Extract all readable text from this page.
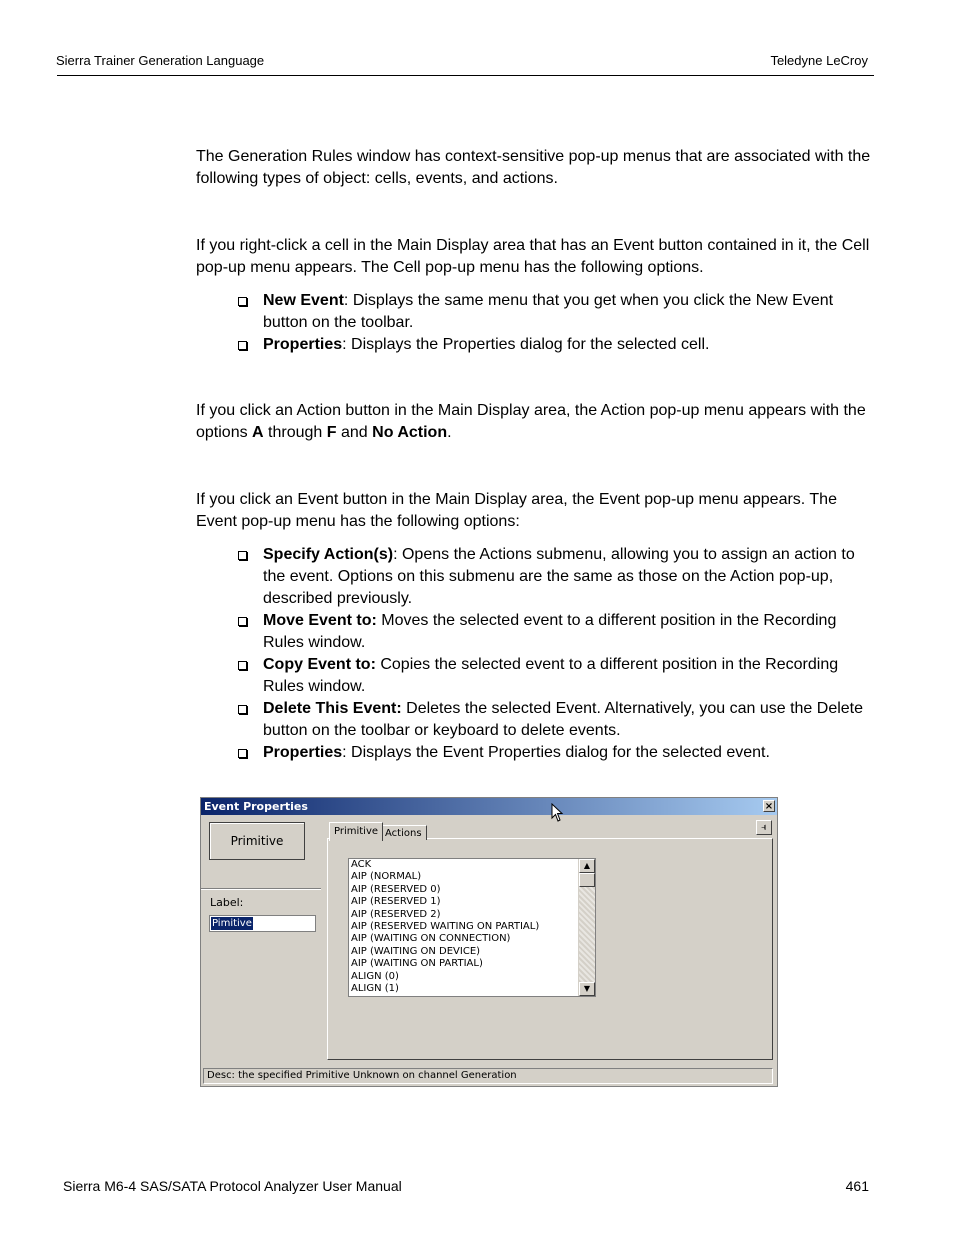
Sierra Trainer Generation Language	Teledyne LeCroy

The Generation Rules window has context-sensitive pop-up menus that are associated with the following types of object: cells, events, and actions.

If you right-click a cell in the Main Display area that has an Event button contained in it, the Cell pop-up menu appears. The Cell pop-up menu has the following options.

New Event: Displays the same menu that you get when you click the New Event button on the toolbar.
Properties: Displays the Properties dialog for the selected cell.

If you click an Action button in the Main Display area, the Action pop-up menu appears with the options A through F and No Action.

If you click an Event button in the Main Display area, the Event pop-up menu appears. The Event pop-up menu has the following options:

Specify Action(s): Opens the Actions submenu, allowing you to assign an action to the event. Options on this submenu are the same as those on the Action pop-up, described previously.
Move Event to: Moves the selected event to a different position in the Recording Rules window.
Copy Event to: Copies the selected event to a different position in the Recording Rules window.
Delete This Event: Deletes the selected Event. Alternatively, you can use the Delete button on the toolbar or keyboard to delete events.
Properties: Displays the Event Properties dialog for the selected event.
Event Properties	×
Primitive
Label:
Pimitive
Primitive Actions
⫣
ACK
AIP (NORMAL)
AIP (RESERVED 0)
AIP (RESERVED 1)
AIP (RESERVED 2)
AIP (RESERVED WAITING ON PARTIAL)
AIP (WAITING ON CONNECTION)
AIP (WAITING ON DEVICE)
AIP (WAITING ON PARTIAL)
ALIGN (0)
ALIGN (1)
▲
▼
Desc: the specified Primitive Unknown on channel Generation
Sierra M6-4 SAS/SATA Protocol Analyzer User Manual	461
